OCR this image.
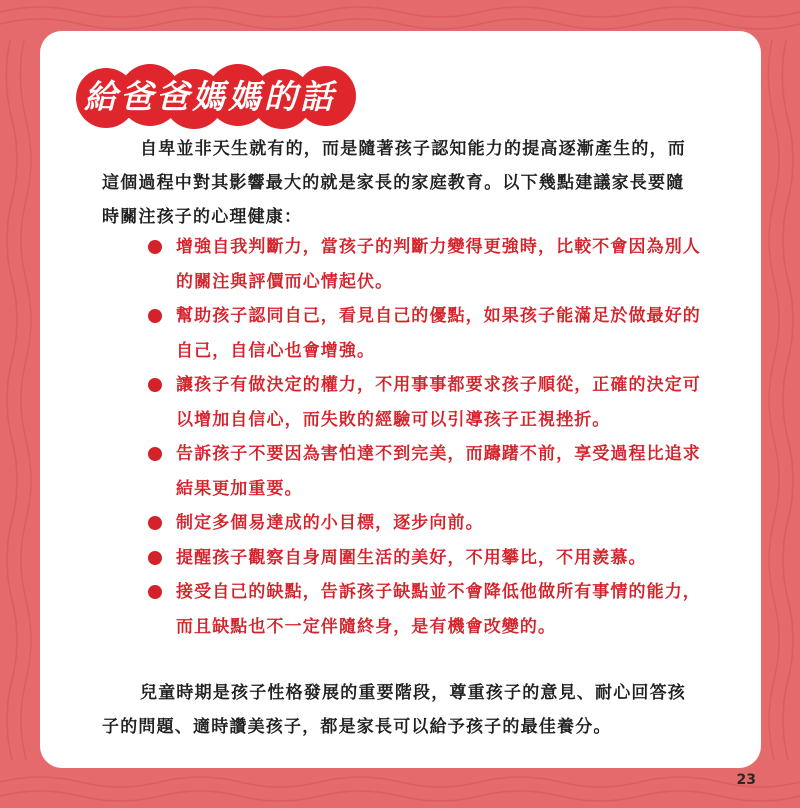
給爸爸媽媽的話
自卑並非天生就有的，而是隨著孩子認知能力的提高逐漸產生的，而這個過程中對其影響最大的就是家長的家庭教育。以下幾點建議家長要隨時關注孩子的心理健康：
增強自我判斷力，當孩子的判斷力變得更強時，比較不會因為別人的關注與評價而心情起伏。
幫助孩子認同自己，看見自己的優點，如果孩子能滿足於做最好的自己，自信心也會增強。
讓孩子有做決定的權力，不用事事都要求孩子順從，正確的決定可以增加自信心，而失敗的經驗可以引導孩子正視挫折。
告訴孩子不要因為害怕達不到完美，而躊躇不前，享受過程比追求結果更加重要。
制定多個易達成的小目標，逐步向前。
提醒孩子觀察自身周圍生活的美好，不用攀比，不用羨慕。
接受自己的缺點，告訴孩子缺點並不會降低他做所有事情的能力，而且缺點也不一定伴隨終身，是有機會改變的。
兒童時期是孩子性格發展的重要階段，尊重孩子的意見、耐心回答孩子的問題、適時讚美孩子，都是家長可以給予孩子的最佳養分。
23
